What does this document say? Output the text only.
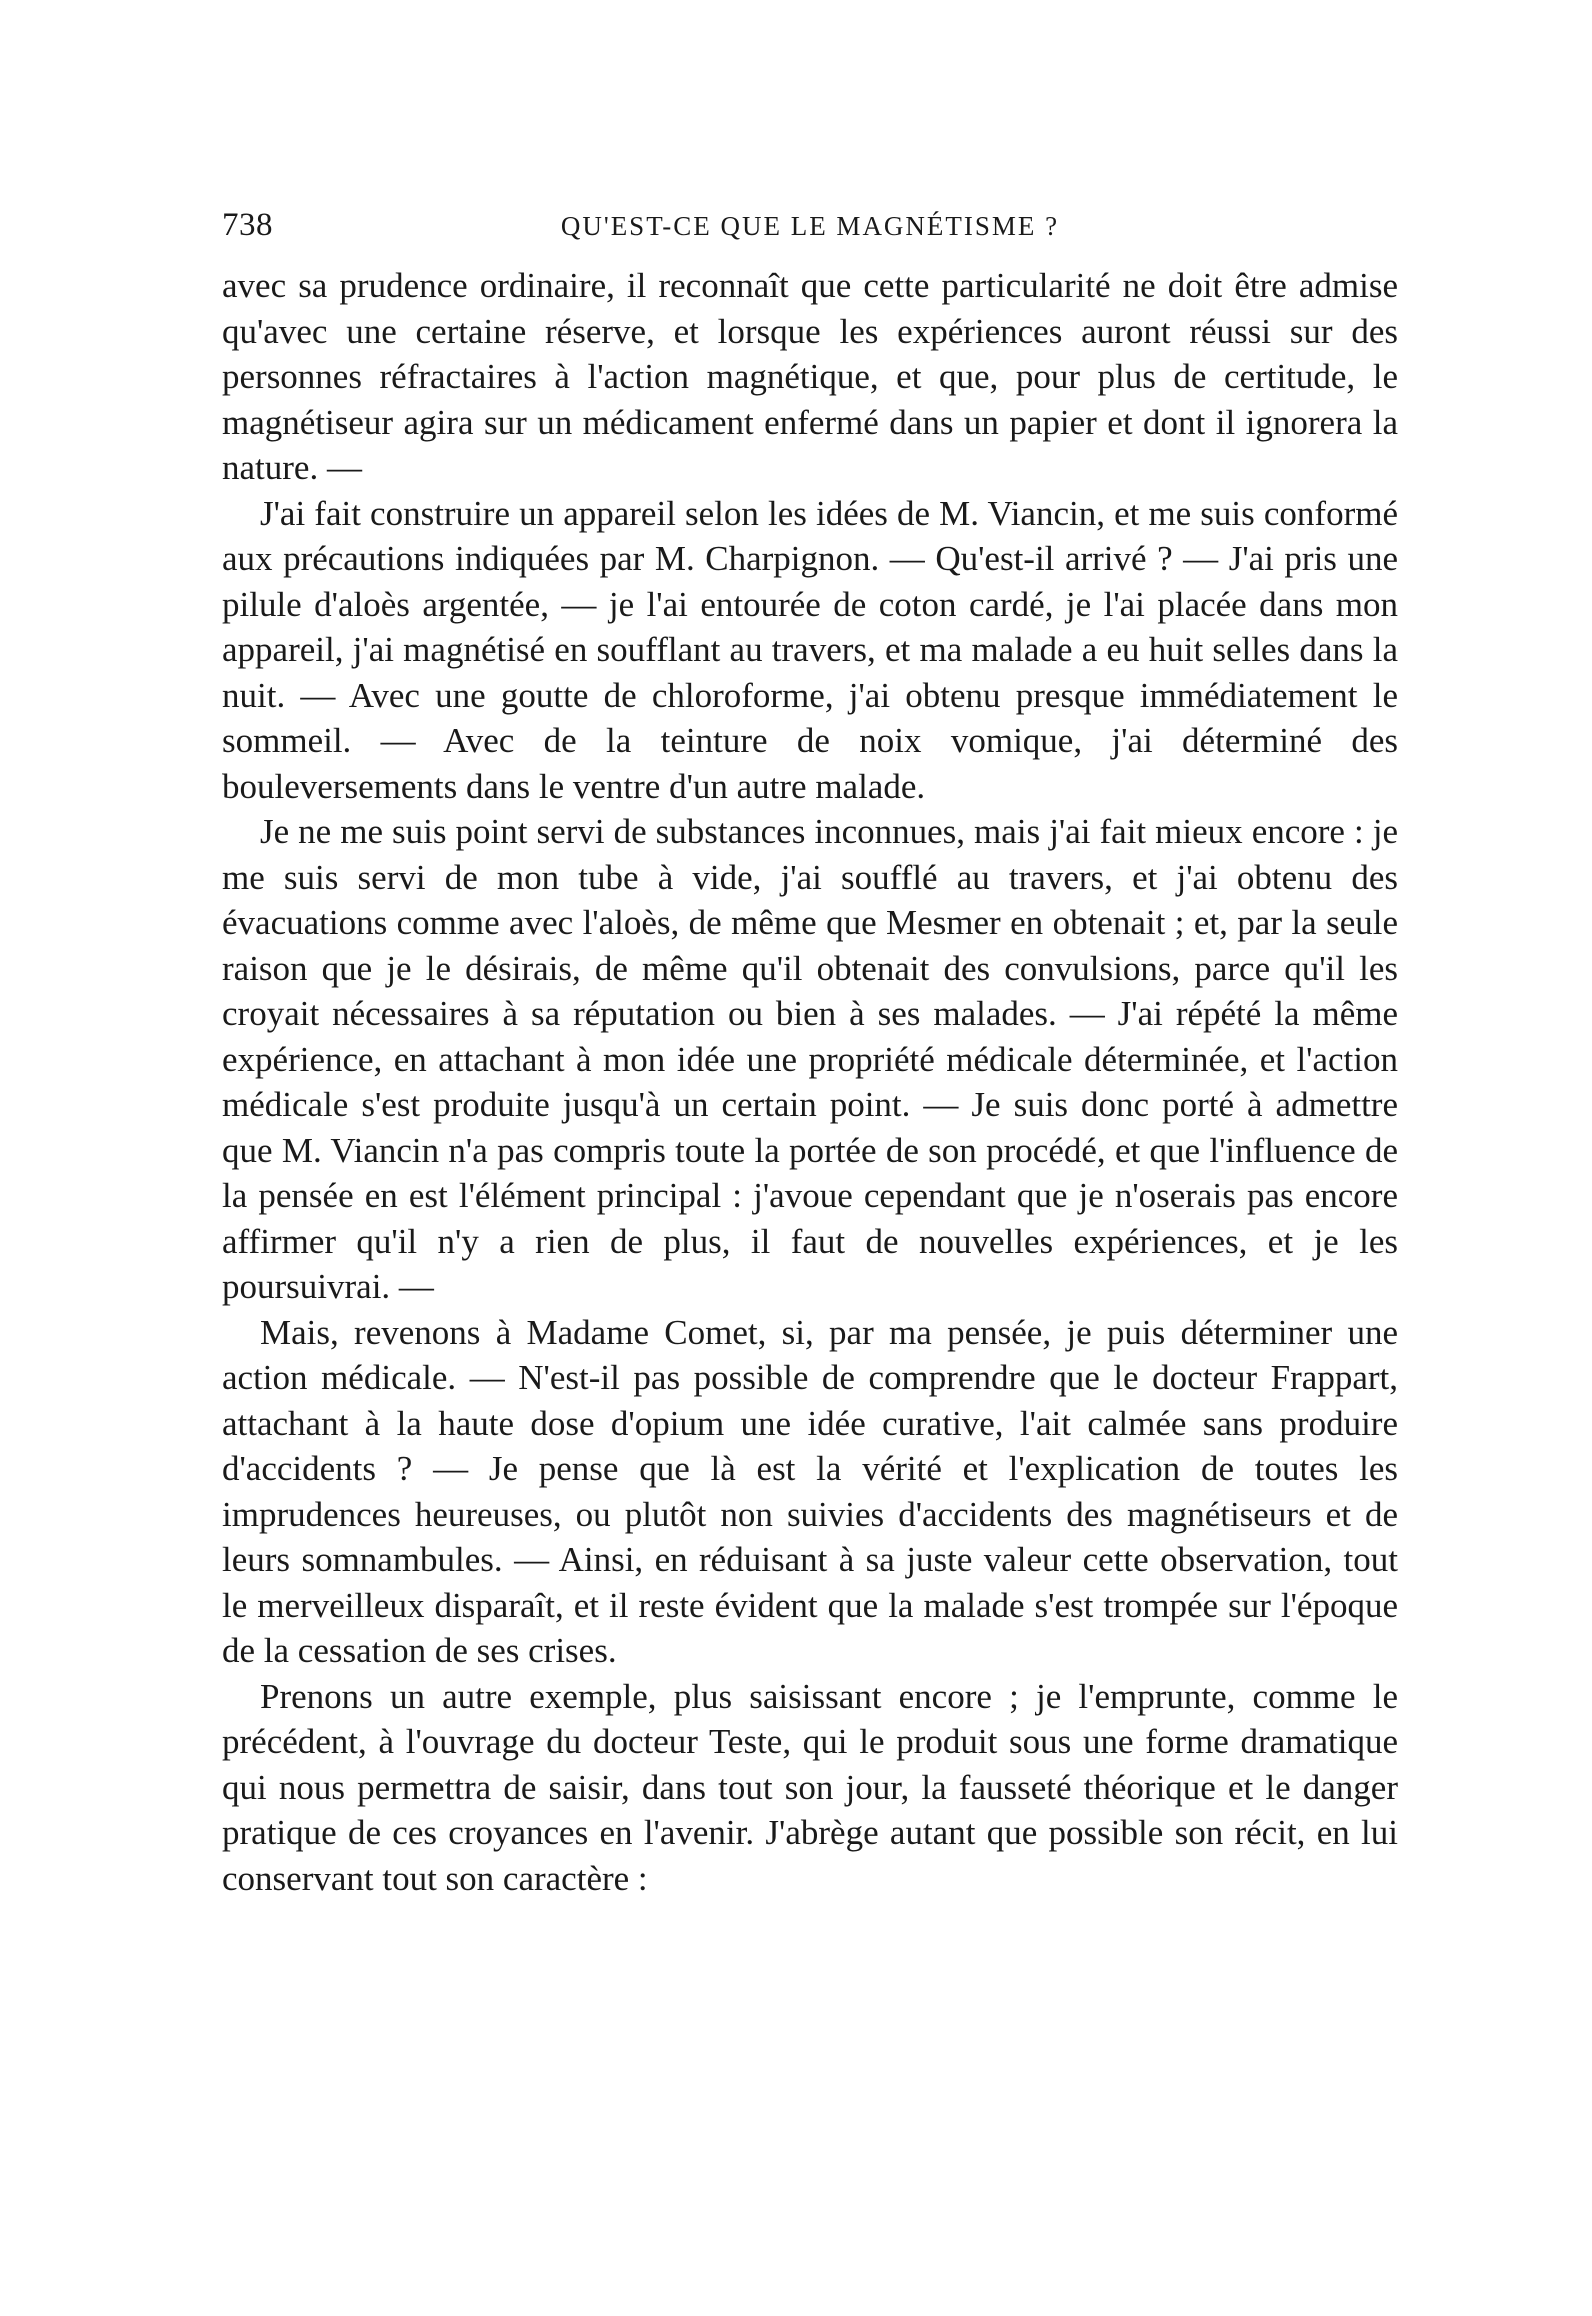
738	QU'EST-CE QUE LE MAGNÉTISME ?

avec sa prudence ordinaire, il reconnaît que cette particularité ne doit être admise qu'avec une certaine réserve, et lorsque les expériences auront réussi sur des personnes réfractaires à l'action magnétique, et que, pour plus de certitude, le magnétiseur agira sur un médicament enfermé dans un papier et dont il ignorera la nature. —

J'ai fait construire un appareil selon les idées de M. Viancin, et me suis conformé aux précautions indiquées par M. Charpignon. — Qu'est-il arrivé ? — J'ai pris une pilule d'aloès argentée, — je l'ai entourée de coton cardé, je l'ai placée dans mon appareil, j'ai magnétisé en soufflant au travers, et ma malade a eu huit selles dans la nuit. — Avec une goutte de chloroforme, j'ai obtenu presque immédiatement le sommeil. — Avec de la teinture de noix vomique, j'ai déterminé des bouleversements dans le ventre d'un autre malade.

Je ne me suis point servi de substances inconnues, mais j'ai fait mieux encore : je me suis servi de mon tube à vide, j'ai soufflé au travers, et j'ai obtenu des évacuations comme avec l'aloès, de même que Mesmer en obtenait ; et, par la seule raison que je le désirais, de même qu'il obtenait des convulsions, parce qu'il les croyait nécessaires à sa réputation ou bien à ses malades. — J'ai répété la même expérience, en attachant à mon idée une propriété médicale déterminée, et l'action médicale s'est produite jusqu'à un certain point. — Je suis donc porté à admettre que M. Viancin n'a pas compris toute la portée de son procédé, et que l'influence de la pensée en est l'élément principal : j'avoue cependant que je n'oserais pas encore affirmer qu'il n'y a rien de plus, il faut de nouvelles expériences, et je les poursuivrai. —

Mais, revenons à Madame Comet, si, par ma pensée, je puis déterminer une action médicale. — N'est-il pas possible de comprendre que le docteur Frappart, attachant à la haute dose d'opium une idée curative, l'ait calmée sans produire d'accidents ? — Je pense que là est la vérité et l'explication de toutes les imprudences heureuses, ou plutôt non suivies d'accidents des magnétiseurs et de leurs somnambules. — Ainsi, en réduisant à sa juste valeur cette observation, tout le merveilleux disparaît, et il reste évident que la malade s'est trompée sur l'époque de la cessation de ses crises.

Prenons un autre exemple, plus saisissant encore ; je l'emprunte, comme le précédent, à l'ouvrage du docteur Teste, qui le produit sous une forme dramatique qui nous permettra de saisir, dans tout son jour, la fausseté théorique et le danger pratique de ces croyances en l'avenir. J'abrège autant que possible son récit, en lui conservant tout son caractère :
